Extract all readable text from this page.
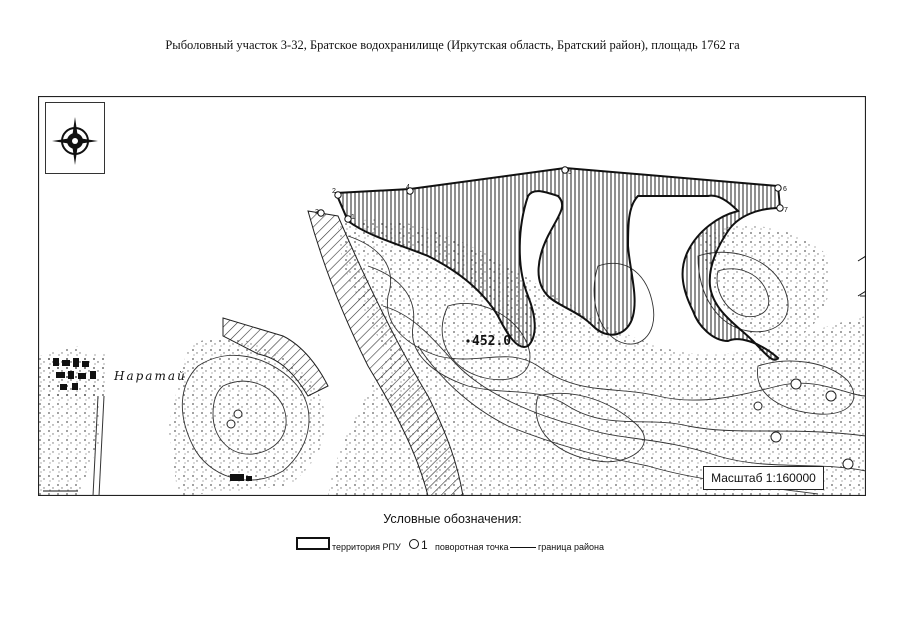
Рыболовный участок 3-32, Братское водохранилище (Иркутская область, Братский район), площадь 1762 га
2
1
4
5
6
7
3
452.0
Наратай
Масштаб 1:160000
Условные обозначения:
территория РПУ 1 поворотная точка	граница района
